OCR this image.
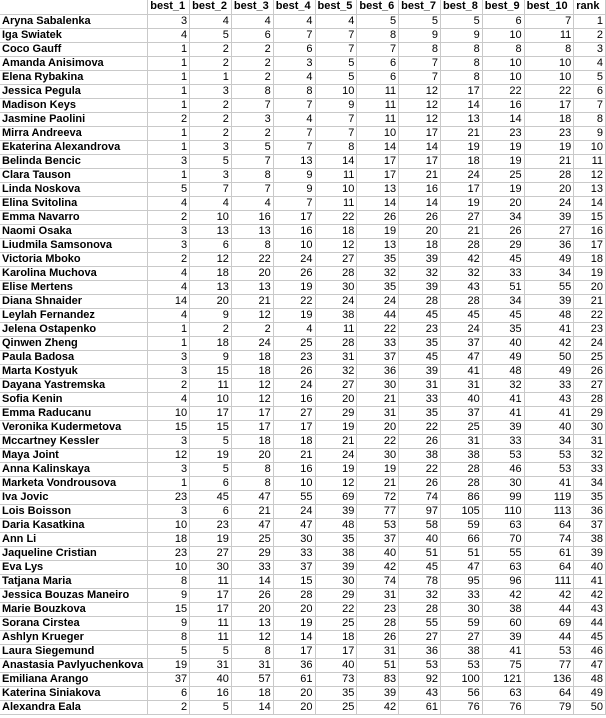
	best_1	best_2	best_3	best_4	best_5	best_6	best_7	best_8	best_9	best_10	rank
Aryna Sabalenka	3	4	4	4	4	5	5	5	6	7	1
Iga Swiatek	4	5	6	7	7	8	9	9	10	11	2
Coco Gauff	1	2	2	6	7	7	8	8	8	8	3
Amanda Anisimova	1	2	2	3	5	6	7	8	10	10	4
Elena Rybakina	1	1	2	4	5	6	7	8	10	10	5
Jessica Pegula	1	3	8	8	10	11	12	17	22	22	6
Madison Keys	1	2	7	7	9	11	12	14	16	17	7
Jasmine Paolini	2	2	3	4	7	11	12	13	14	18	8
Mirra Andreeva	1	2	2	7	7	10	17	21	23	23	9
Ekaterina Alexandrova	1	3	5	7	8	14	14	19	19	19	10
Belinda Bencic	3	5	7	13	14	17	17	18	19	21	11
Clara Tauson	1	3	8	9	11	17	21	24	25	28	12
Linda Noskova	5	7	7	9	10	13	16	17	19	20	13
Elina Svitolina	4	4	4	7	11	14	14	19	20	24	14
Emma Navarro	2	10	16	17	22	26	26	27	34	39	15
Naomi Osaka	3	13	13	16	18	19	20	21	26	27	16
Liudmila Samsonova	3	6	8	10	12	13	18	28	29	36	17
Victoria Mboko	2	12	22	24	27	35	39	42	45	49	18
Karolina Muchova	4	18	20	26	28	32	32	32	33	34	19
Elise Mertens	4	13	13	19	30	35	39	43	51	55	20
Diana Shnaider	14	20	21	22	24	24	28	28	34	39	21
Leylah Fernandez	4	9	12	19	38	44	45	45	45	48	22
Jelena Ostapenko	1	2	2	4	11	22	23	24	35	41	23
Qinwen Zheng	1	18	24	25	28	33	35	37	40	42	24
Paula Badosa	3	9	18	23	31	37	45	47	49	50	25
Marta Kostyuk	3	15	18	26	32	36	39	41	48	49	26
Dayana Yastremska	2	11	12	24	27	30	31	31	32	33	27
Sofia Kenin	4	10	12	16	20	21	33	40	41	43	28
Emma Raducanu	10	17	17	27	29	31	35	37	41	41	29
Veronika Kudermetova	15	15	17	17	19	20	22	25	39	40	30
Mccartney Kessler	3	5	18	18	21	22	26	31	33	34	31
Maya Joint	12	19	20	21	24	30	38	38	53	53	32
Anna Kalinskaya	3	5	8	16	19	19	22	28	46	53	33
Marketa Vondrousova	1	6	8	10	12	21	26	28	30	41	34
Iva Jovic	23	45	47	55	69	72	74	86	99	119	35
Lois Boisson	3	6	21	24	39	77	97	105	110	113	36
Daria Kasatkina	10	23	47	47	48	53	58	59	63	64	37
Ann Li	18	19	25	30	35	37	40	66	70	74	38
Jaqueline Cristian	23	27	29	33	38	40	51	51	55	61	39
Eva Lys	10	30	33	37	39	42	45	47	63	64	40
Tatjana Maria	8	11	14	15	30	74	78	95	96	111	41
Jessica Bouzas Maneiro	9	17	26	28	29	31	32	33	42	42	42
Marie Bouzkova	15	17	20	20	22	23	28	30	38	44	43
Sorana Cirstea	9	11	13	19	25	28	55	59	60	69	44
Ashlyn Krueger	8	11	12	14	18	26	27	27	39	44	45
Laura Siegemund	5	5	8	17	17	31	36	38	41	53	46
Anastasia Pavlyuchenkova	19	31	31	36	40	51	53	53	75	77	47
Emiliana Arango	37	40	57	61	73	83	92	100	121	136	48
Katerina Siniakova	6	16	18	20	35	39	43	56	63	64	49
Alexandra Eala	2	5	14	20	25	42	61	76	76	79	50
